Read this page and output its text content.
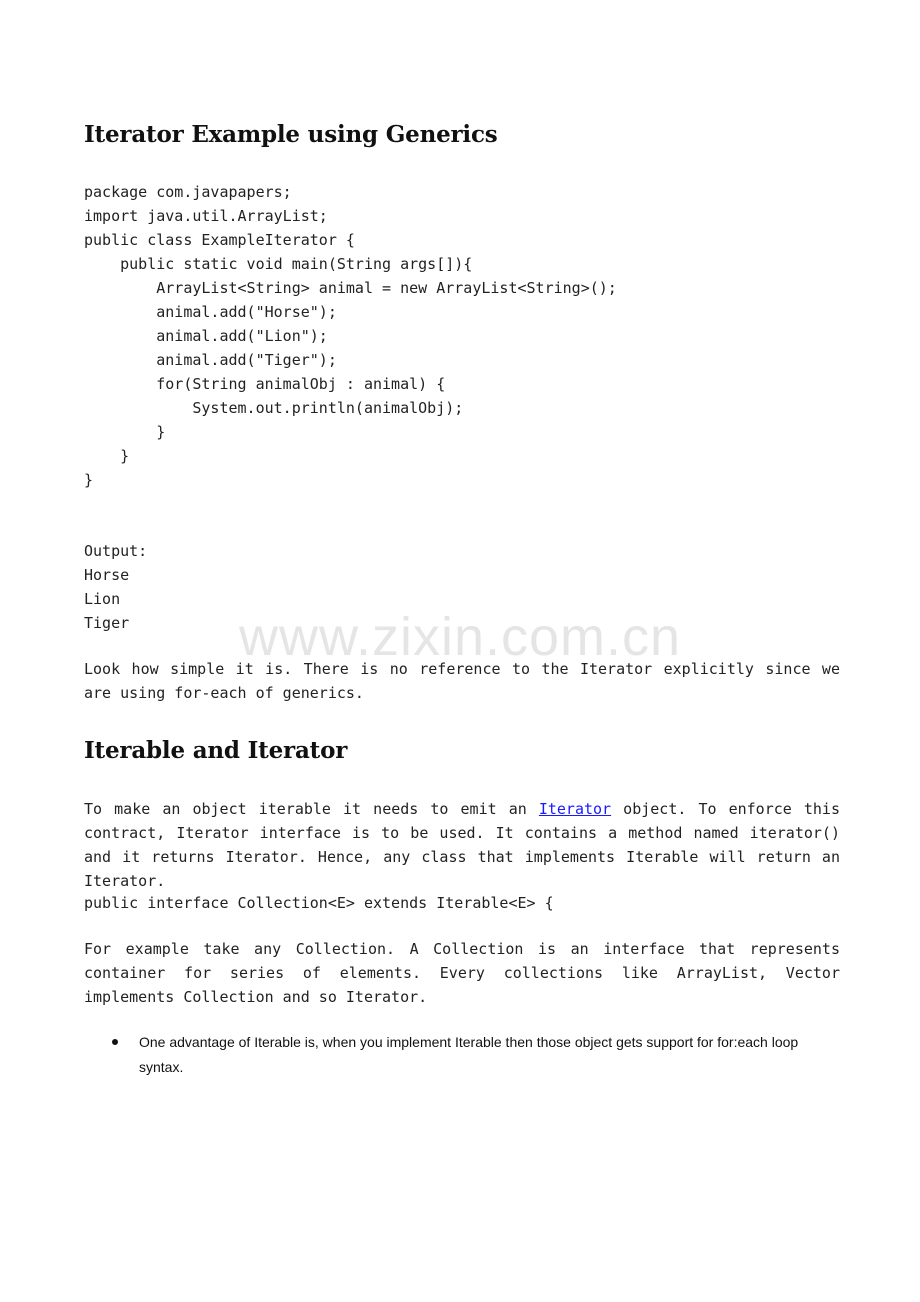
Iterator Example using Generics
package com.javapapers;
import java.util.ArrayList;
public class ExampleIterator {
public static void main(String args[]){
ArrayList<String> animal = new ArrayList<String>();
animal.add("Horse");
animal.add("Lion");
animal.add("Tiger");
for(String animalObj : animal) {
System.out.println(animalObj);
}
}
}
Output:
Horse
Lion
Tiger
Look how simple it is. There is no reference to the Iterator explicitly since we are using for-each of generics.
Iterable and Iterator
To make an object iterable it needs to emit an Iterator object. To enforce this contract, Iterator interface is to be used. It contains a method named iterator() and it returns Iterator. Hence, any class that implements Iterable will return an Iterator.
public interface Collection<E> extends Iterable<E> {
For example take any Collection. A Collection is an interface that represents container for series of elements. Every collections like ArrayList, Vector implements Collection and so Iterator.
One advantage of Iterable is, when you implement Iterable then those object gets support for for:each loop syntax.
www.zixin.com.cn
